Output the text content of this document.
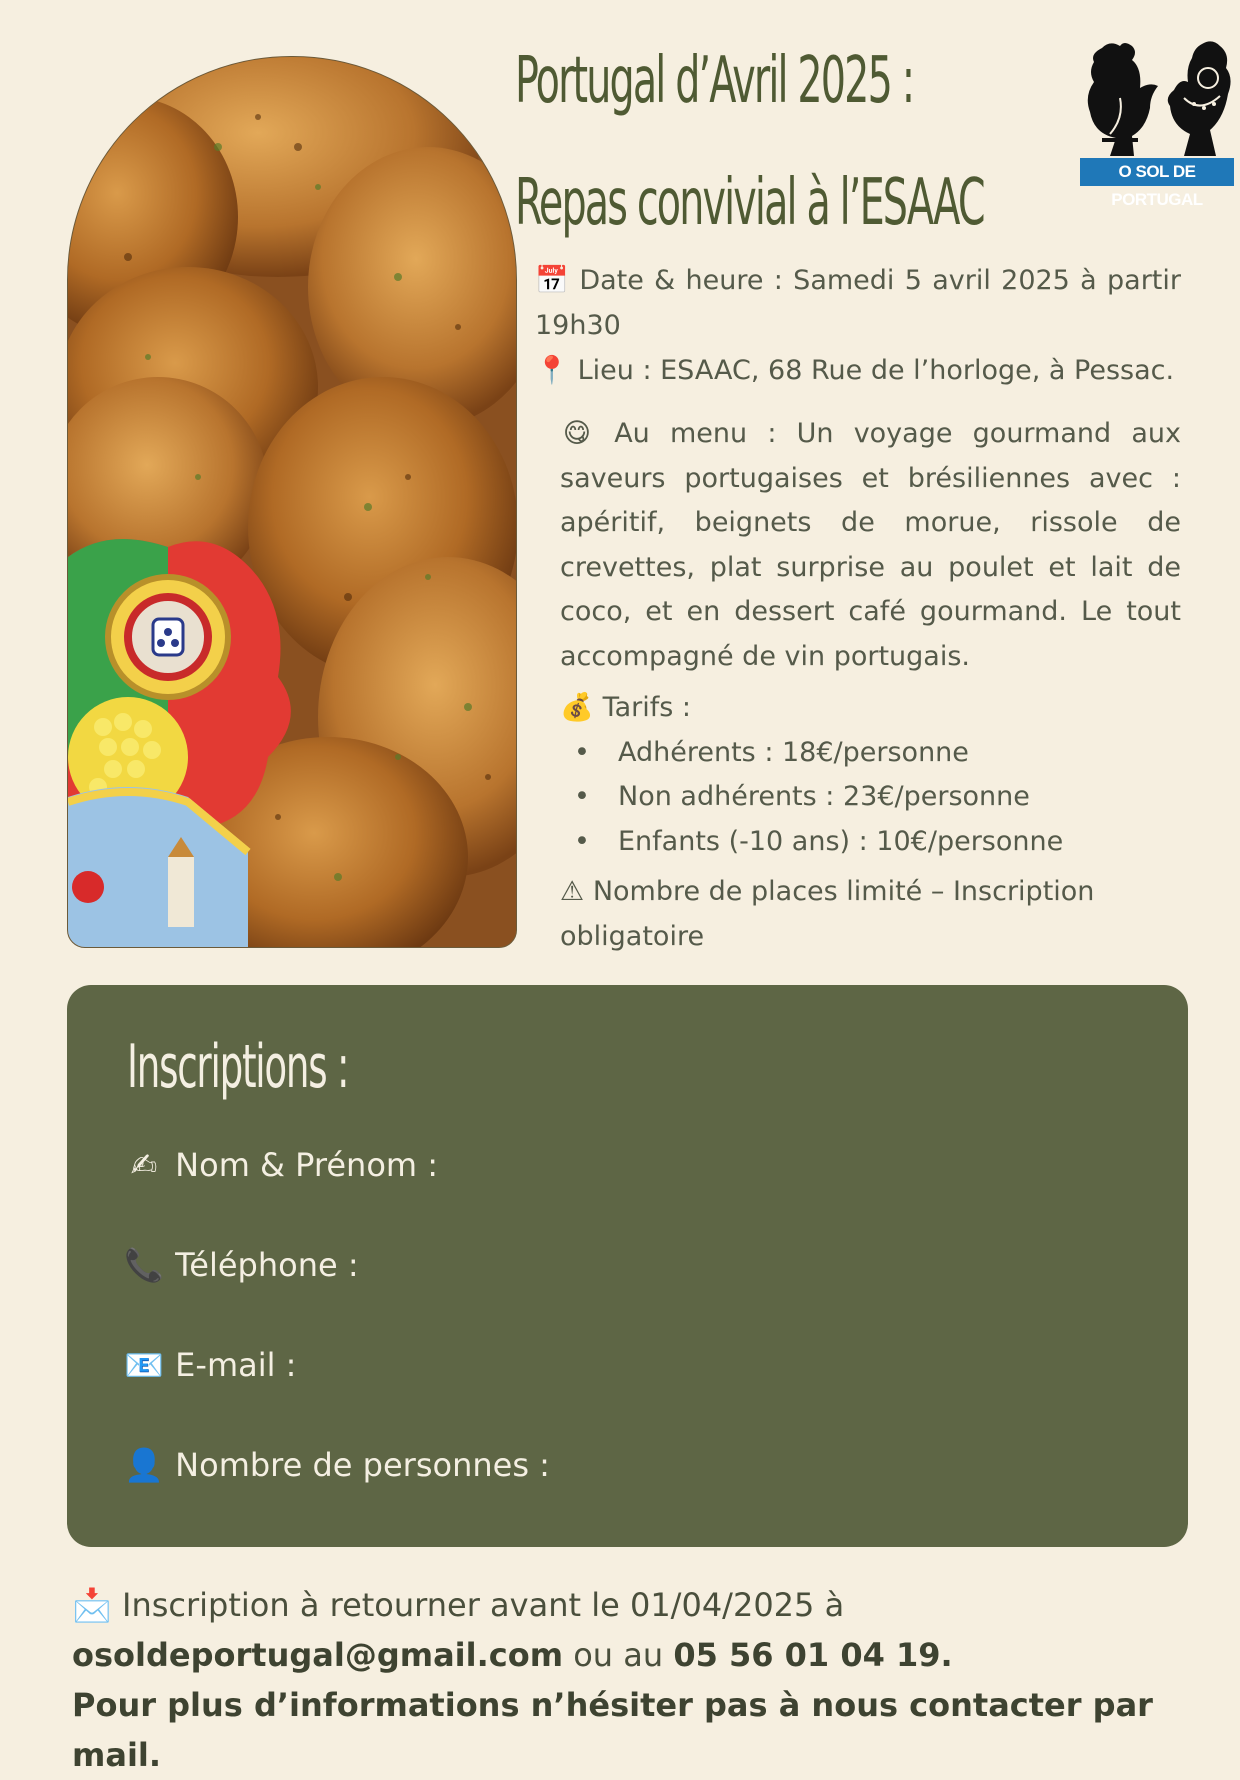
Portugal d’Avril 2025 :
Repas convivial à l’ESAAC	O SOL DE PORTUGAL

📅 Date & heure : Samedi 5 avril 2025 à partir 19h30

📍 Lieu : ESAAC, 68 Rue de l’horloge, à Pessac.

😋 Au menu : Un voyage gourmand aux saveurs portugaises et brésiliennes avec : apéritif, beignets de morue, rissole de crevettes, plat surprise au poulet et lait de coco, et en dessert café gourmand. Le tout accompagné de vin portugais.

💰 Tarifs :
• Adhérents : 18€/personne
• Non adhérents : 23€/personne
• Enfants (-10 ans) : 10€/personne
⚠ Nombre de places limité – Inscription obligatoire
Inscriptions :
✍ Nom & Prénom :
📞 Téléphone :
📧 E-mail :
👤 Nombre de personnes :

📩 Inscription à retourner avant le 01/04/2025 à

osoldeportugal@gmail.com ou au 05 56 01 04 19.

Pour plus d’informations n’hésiter pas à nous contacter par mail.
